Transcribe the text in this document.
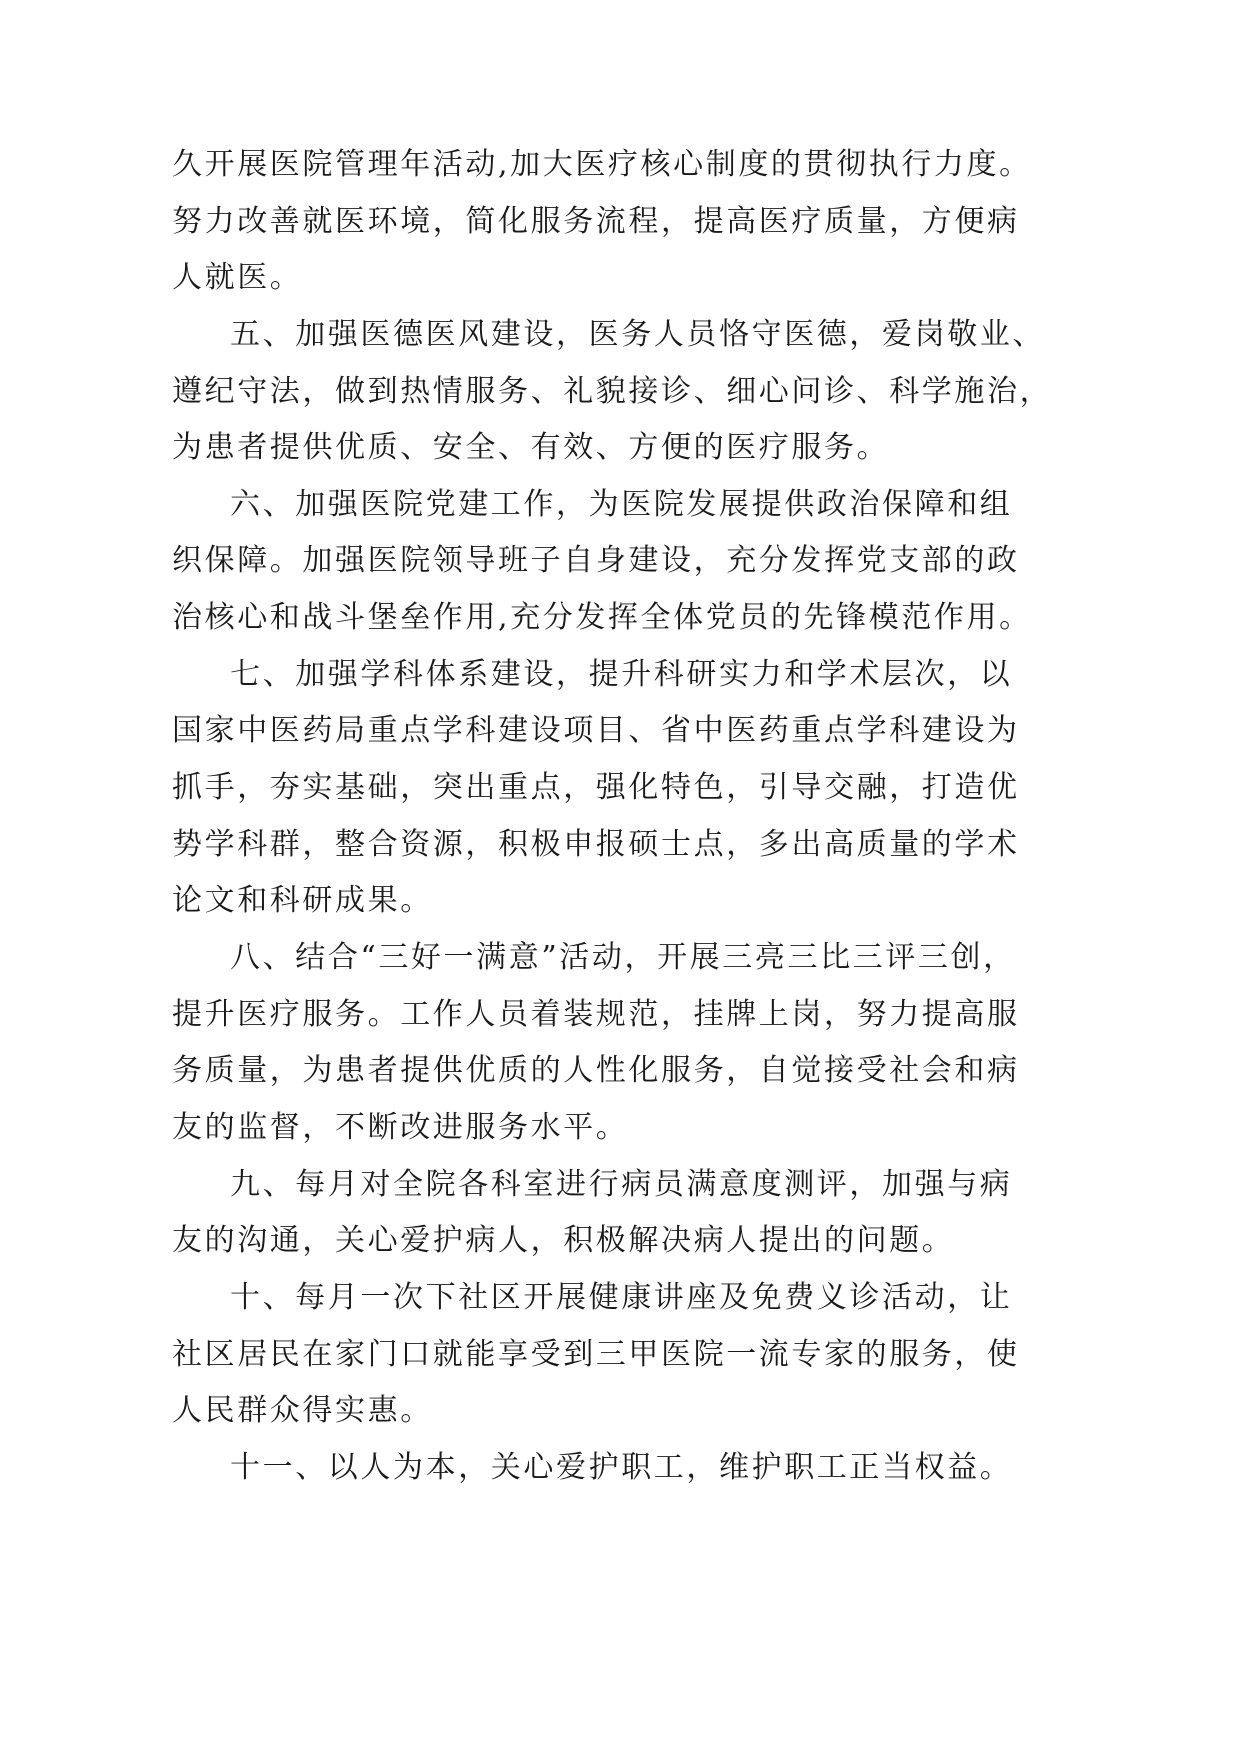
久开展医院管理年活动,加大医疗核心制度的贯彻执行力度。
努力改善就医环境，简化服务流程，提高医疗质量，方便病
人就医。
五、加强医德医风建设，医务人员恪守医德，爱岗敬业、
遵纪守法，做到热情服务、礼貌接诊、细心问诊、科学施治，
为患者提供优质、安全、有效、方便的医疗服务。
六、加强医院党建工作，为医院发展提供政治保障和组
织保障。加强医院领导班子自身建设，充分发挥党支部的政
治核心和战斗堡垒作用,充分发挥全体党员的先锋模范作用。
七、加强学科体系建设，提升科研实力和学术层次，以
国家中医药局重点学科建设项目、省中医药重点学科建设为
抓手，夯实基础，突出重点，强化特色，引导交融，打造优
势学科群，整合资源，积极申报硕士点，多出高质量的学术
论文和科研成果。
八、结合“三好一满意”活动，开展三亮三比三评三创，
提升医疗服务。工作人员着装规范，挂牌上岗，努力提高服
务质量，为患者提供优质的人性化服务，自觉接受社会和病
友的监督，不断改进服务水平。
九、每月对全院各科室进行病员满意度测评，加强与病
友的沟通，关心爱护病人，积极解决病人提出的问题。
十、每月一次下社区开展健康讲座及免费义诊活动，让
社区居民在家门口就能享受到三甲医院一流专家的服务，使
人民群众得实惠。
十一、以人为本，关心爱护职工，维护职工正当权益。
